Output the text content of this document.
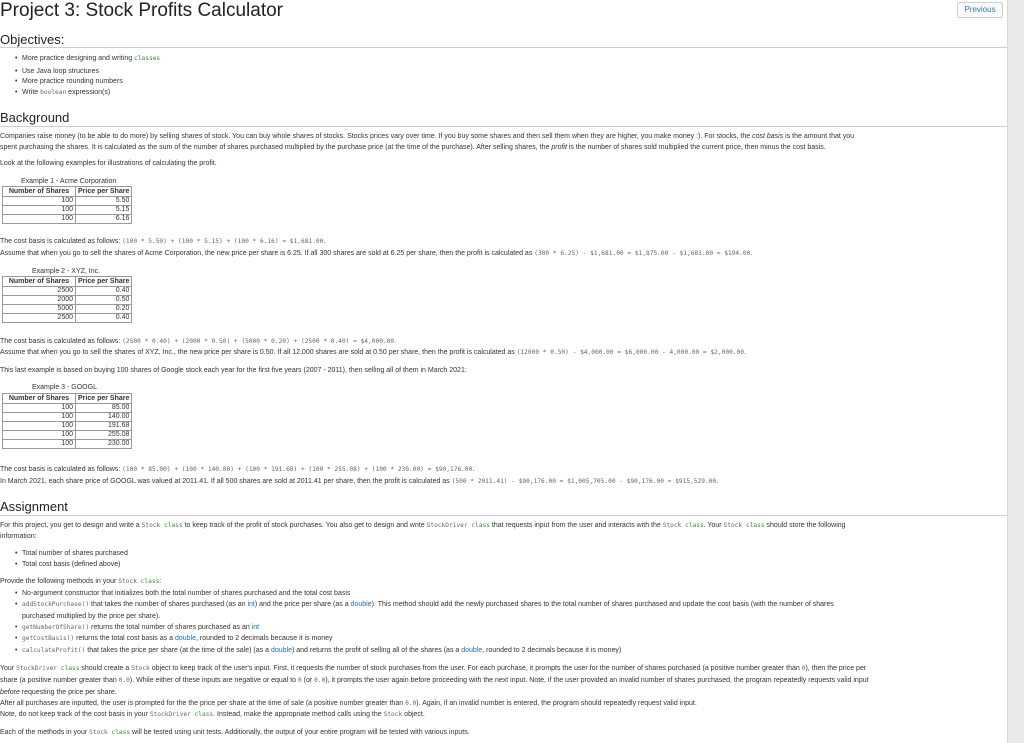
Project 3: Stock Profits Calculator	Previous
Objectives:
• More practice designing and writing classes
• Use Java loop structures
• More practice rounding numbers
• Write boolean expression(s)
Background
Companies raise money (to be able to do more) by selling shares of stock. You can buy whole shares of stocks. Stocks prices vary over time. If you buy some shares and then sell them when they are higher, you make money :). For stocks, the cost basis is the amount that you
spent purchasing the shares. It is calculated as the sum of the number of shares purchased multiplied by the purchase price (at the time of the purchase). After selling shares, the profit is the number of shares sold multiplied the current price, then minus the cost basis.
Look at the following examples for illustrations of calculating the profit.
Example 1 - Acme Corporation
Number of Shares	Price per Share
100	5.50
100	5.15
100	6.16
The cost basis is calculated as follows: (100 * 5.50) + (100 * 5.15) + (100 * 6.16) = $1,681.00.
Assume that when you go to sell the shares of Acme Corporation, the new price per share is 6.25. If all 300 shares are sold at 6.25 per share, then the profit is calculated as (300 * 6.25) - $1,681.00 = $1,875.00 - $1,681.00 = $194.00.
Example 2 - XYZ, Inc.
Number of Shares	Price per Share
2500	0.40
2000	0.50
5000	0.20
2500	0.40
The cost basis is calculated as follows: (2500 * 0.40) + (2000 * 0.50) + (5000 * 0.20) + (2500 * 0.40) = $4,000.00.
Assume that when you go to sell the shares of XYZ, Inc., the new price per share is 0.50. If all 12,000 shares are sold at 0.50 per share, then the profit is calculated as (12000 * 0.50) - $4,000.00 = $6,000.00 - 4,000.00 = $2,000.00.
This last example is based on buying 100 shares of Google stock each year for the first five years (2007 - 2011), then selling all of them in March 2021:
Example 3 - GOOGL
Number of Shares	Price per Share
100	85.00
100	140.00
100	191.68
100	255.08
100	230.00
The cost basis is calculated as follows: (100 * 85.00) + (100 * 140.00) + (100 * 191.68) + (100 * 255.08) + (100 * 230.00) = $90,176.00.
In March 2021, each share price of GOOGL was valued at 2011.41. If all 500 shares are sold at 2011.41 per share, then the profit is calculated as (500 * 2011.41) - $90,176.00 = $1,005,705.00 - $90,176.00 = $915,529.00.
Assignment
For this project, you get to design and write a Stock class to keep track of the profit of stock purchases. You also get to design and write StockDriver class that requests input from the user and interacts with the Stock class. Your Stock class should store the following
information:
• Total number of shares purchased
• Total cost basis (defined above)
Provide the following methods in your Stock class:
• No-argument constructor that initializes both the total number of shares purchased and the total cost basis
• addStockPurchase() that takes the number of shares purchased (as an int) and the price per share (as a double). This method should add the newly purchased shares to the total number of shares purchased and update the cost basis (with the number of shares
purchased multiplied by the price per share).
• getNumberOfShare() returns the total number of shares purchased as an int
• getCostBasis() returns the total cost basis as a double, rounded to 2 decimals because it is money
• calculateProfit() that takes the price per share (at the time of the sale) (as a double) and returns the profit of selling all of the shares (as a double, rounded to 2 decimals because it is money)
Your StockDriver class should create a Stock object to keep track of the user's input. First, it requests the number of stock purchases from the user. For each purchase, it prompts the user for the number of shares purchased (a positive number greater than 0), then the price per
share (a positive number greater than 0.0). While either of these inputs are negative or equal to 0 (or 0.0), it prompts the user again before proceeding with the next input. Note, if the user provided an invalid number of shares purchased, the program repeatedly requests valid input
before requesting the price per share.
After all purchases are inputted, the user is prompted for the the price per share at the time of sale (a positive number greater than 0.0). Again, if an invalid number is entered, the program should repeatedly request valid input.
Note, do not keep track of the cost basis in your StockDriver class. Instead, make the appropriate method calls using the Stock object.
Each of the methods in your Stock class will be tested using unit tests. Additionally, the output of your entire program will be tested with various inputs.
